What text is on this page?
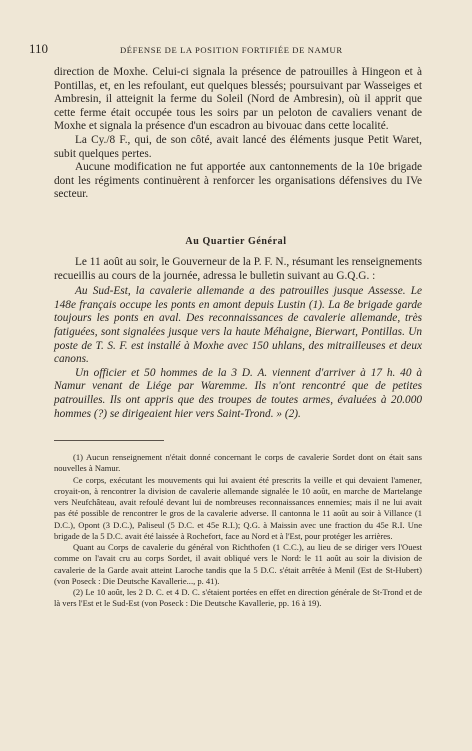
110	DÉFENSE DE LA POSITION FORTIFIÉE DE NAMUR

direction de Moxhe. Celui-ci signala la présence de patrouilles à Hingeon et à Pontillas, et, en les refoulant, eut quelques blessés; poursuivant par Wasseiges et Ambresin, il atteignit la ferme du Soleil (Nord de Ambresin), où il apprit que cette ferme était occupée tous les soirs par un peloton de cavaliers venant de Moxhe et signala la présence d'un escadron au bivouac dans cette localité.

La Cy./8 F., qui, de son côté, avait lancé des éléments jusque Petit Waret, subit quelques pertes.

Aucune modification ne fut apportée aux cantonnements de la 10e brigade dont les régiments continuèrent à renforcer les organisations défensives du IVe secteur.

Au Quartier Général

Le 11 août au soir, le Gouverneur de la P. F. N., résumant les renseignements recueillis au cours de la journée, adressa le bulletin suivant au G.Q.G. :

Au Sud-Est, la cavalerie allemande a des patrouilles jusque Assesse. Le 148e français occupe les ponts en amont depuis Lustin (1). La 8e brigade garde toujours les ponts en aval. Des reconnaissances de cavalerie allemande, très fatiguées, sont signalées jusque vers la haute Méhaigne, Bierwart, Pontillas. Un poste de T. S. F. est installé à Moxhe avec 150 uhlans, des mitrailleuses et deux canons.

Un officier et 50 hommes de la 3 D. A. viennent d'arriver à 17 h. 40 à Namur venant de Liége par Waremme. Ils n'ont rencontré que de petites patrouilles. Ils ont appris que des troupes de toutes armes, évaluées à 20.000 hommes (?) se dirigeaient hier vers Saint-Trond. » (2).

(1) Aucun renseignement n'était donné concernant le corps de cavalerie Sordet dont on était sans nouvelles à Namur.

Ce corps, exécutant les mouvements qui lui avaient été prescrits la veille et qui devaient l'amener, croyait-on, à rencontrer la division de cavalerie allemande signalée le 10 août, en marche de Martelange vers Neufchâteau, avait refoulé devant lui de nombreuses reconnaissances ennemies; mais il ne lui avait pas été possible de rencontrer le gros de la cavalerie adverse. Il cantonna le 11 août au soir à Villance (1 D.C.), Opont (3 D.C.), Paliseul (5 D.C. et 45e R.I.); Q.G. à Maissin avec une fraction du 45e R.I. Une brigade de la 5 D.C. avait été laissée à Rochefort, face au Nord et à l'Est, pour protéger les arrières.

Quant au Corps de cavalerie du général von Richthofen (1 C.C.), au lieu de se diriger vers l'Ouest comme on l'avait cru au corps Sordet, il avait obliqué vers le Nord: le 11 août au soir la division de cavalerie de la Garde avait atteint Laroche tandis que la 5 D.C. s'était arrêtée à Menil (Est de St-Hubert) (von Poseck : Die Deutsche Kavallerie..., p. 41).

(2) Le 10 août, les 2 D. C. et 4 D. C. s'étaient portées en effet en direction générale de St-Trond et de là vers l'Est et le Sud-Est (von Poseck : Die Deutsche Kavallerie, pp. 16 à 19).
